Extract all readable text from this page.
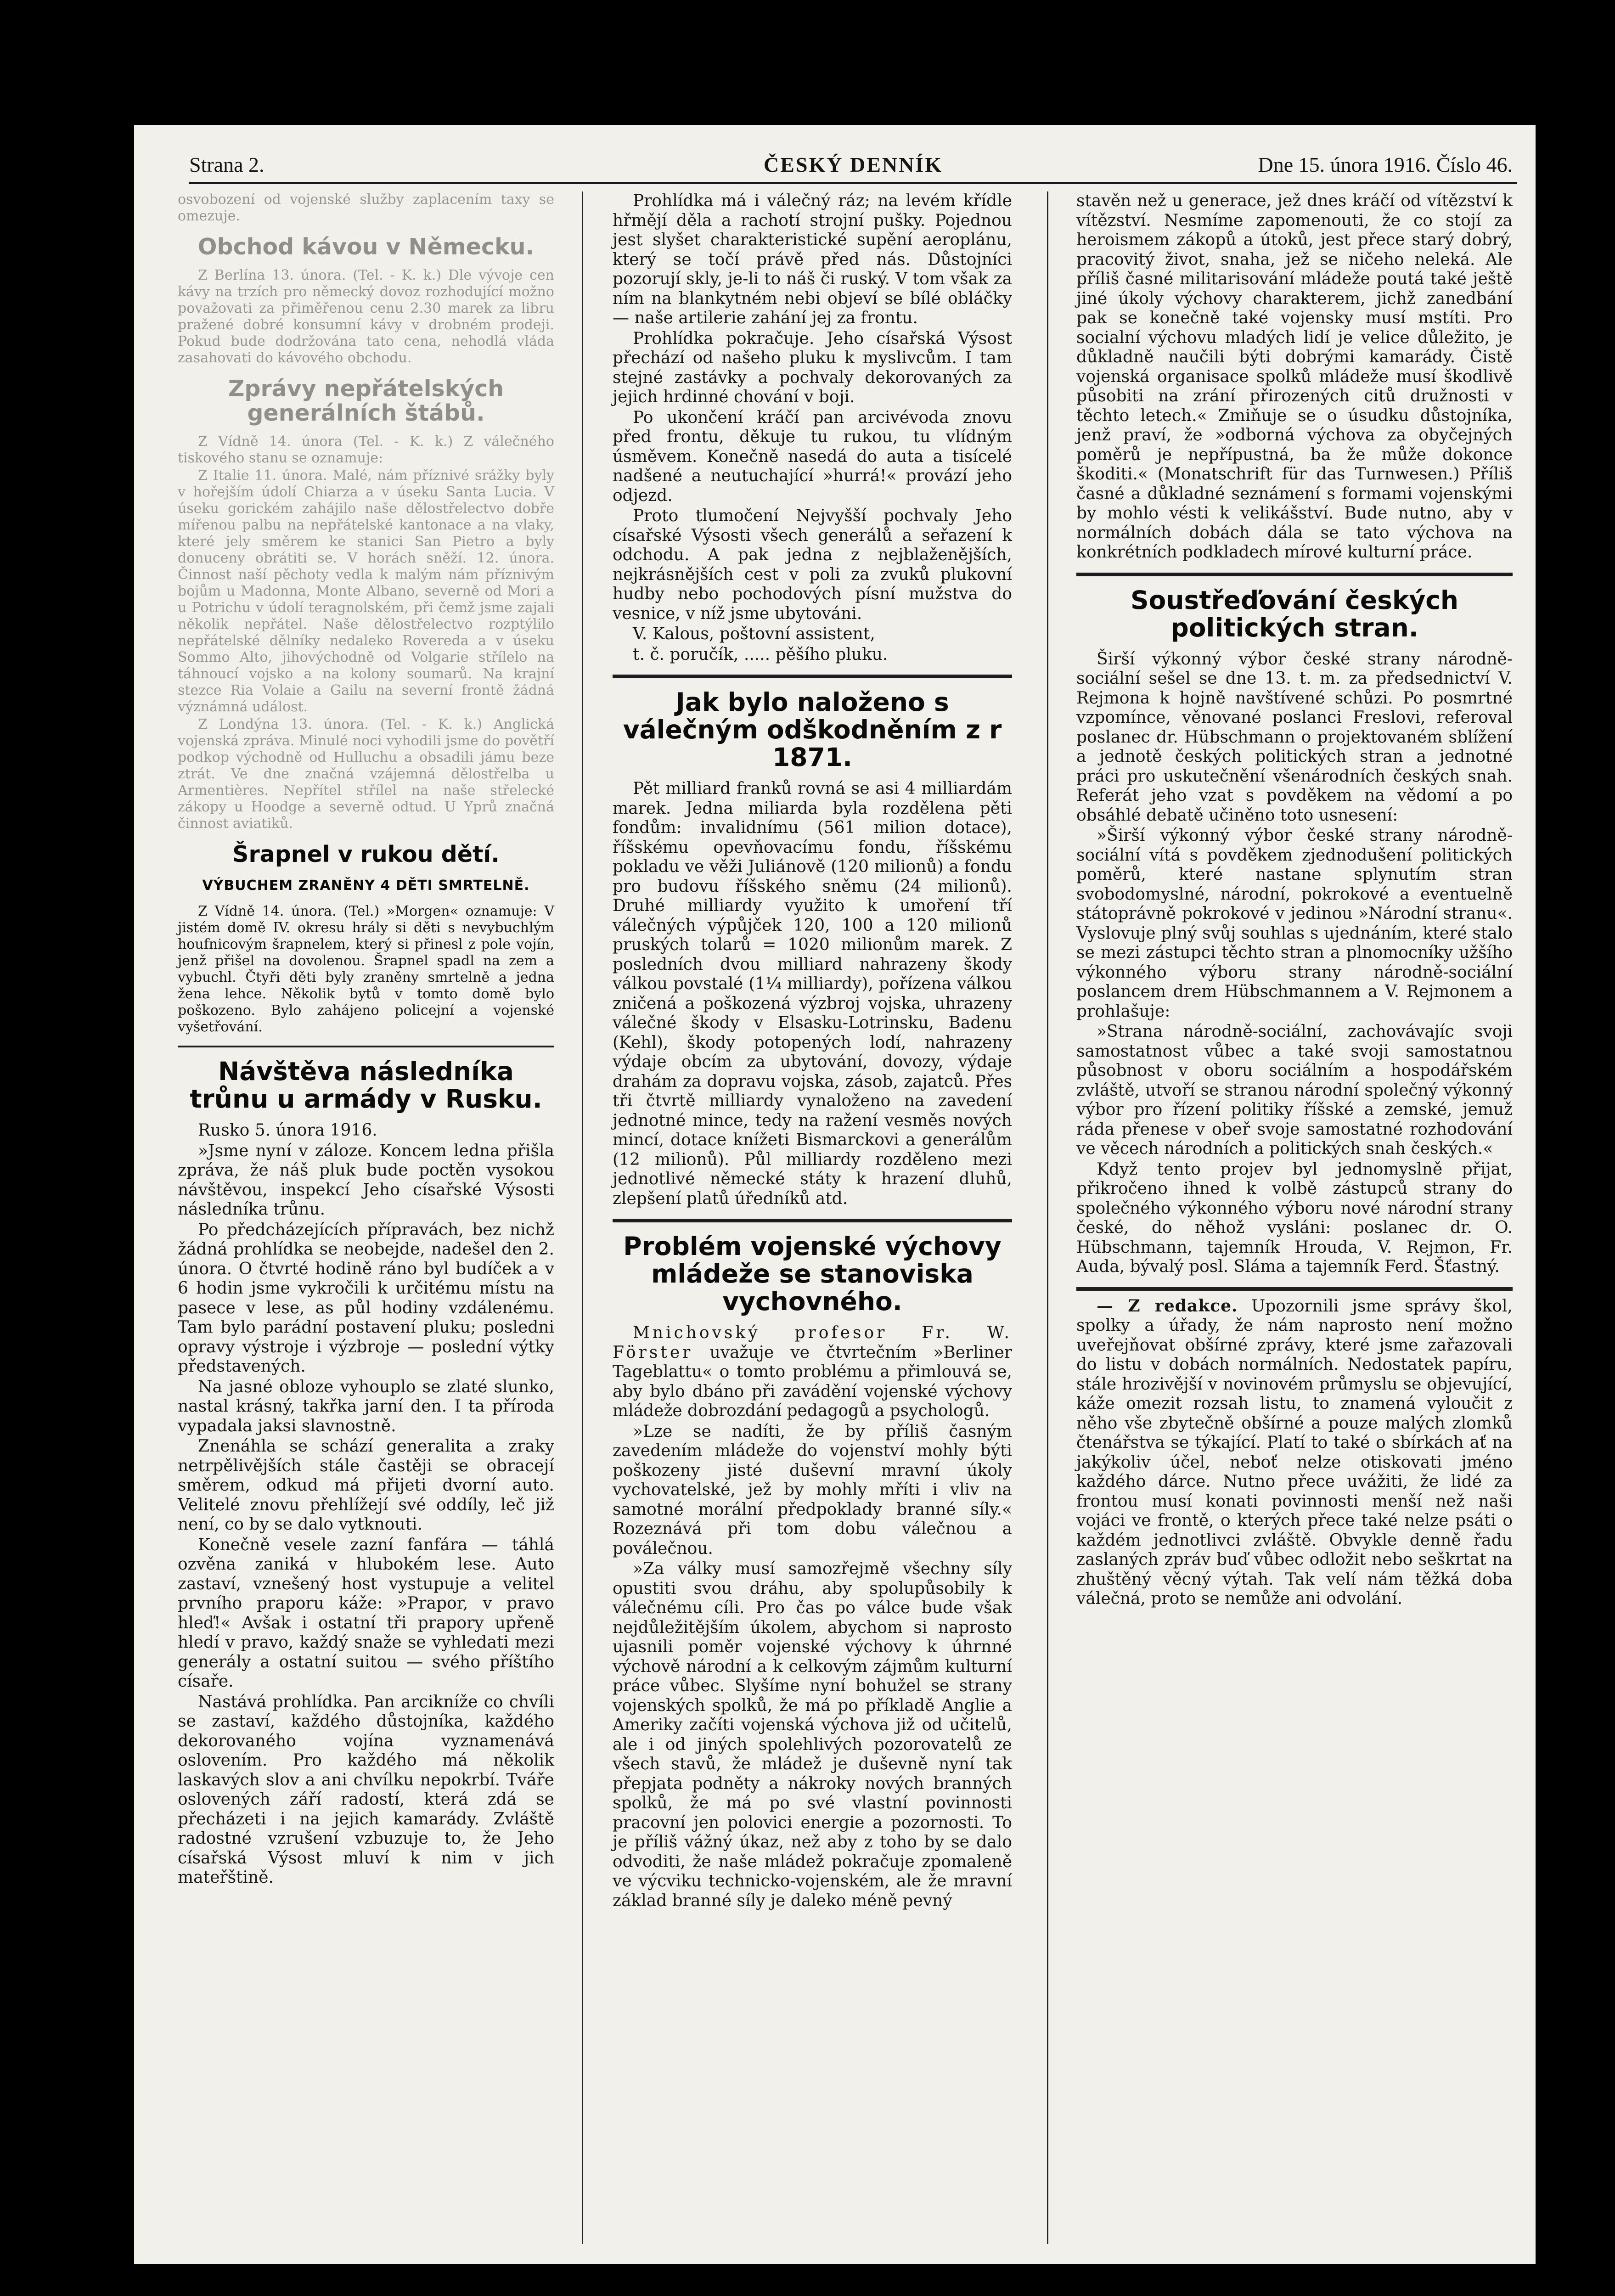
ČESKÝ DENNÍK
Strana 2.	Dne 15. února 1916. Číslo 46.

osvobození od vojenské služby zaplacením taxy se omezuje.

Obchod kávou v Německu.

Z Berlína 13. února. (Tel. - K. k.) Dle vývoje cen kávy na trzích pro německý dovoz rozhodující možno považovati za přiměřenou cenu 2.30 marek za libru pražené dobré konsumní kávy v drobném prodeji. Pokud bude dodržována tato cena, nehodlá vláda zasahovati do kávového obchodu.

Zprávy nepřátelských generálních štábů.

Z Vídně 14. února (Tel. - K. k.) Z válečného tiskového stanu se oznamuje:

Z Italie 11. února. Malé, nám příznivé srážky byly v hořejším údolí Chiarza a v úseku Santa Lucia. V úseku gorickém zahájilo naše dělostřelectvo dobře mířenou palbu na nepřátelské kantonace a na vlaky, které jely směrem ke stanici San Pietro a byly donuceny obrátiti se. V horách sněží. 12. února. Činnost naší pěchoty vedla k malým nám příznivým bojům u Madonna, Monte Albano, severně od Mori a u Potrichu v údolí teragnolském, při čemž jsme zajali několik nepřátel. Naše dělostřelectvo rozptýlilo nepřátelské dělníky nedaleko Rovereda a v úseku Sommo Alto, jihovýchodně od Volgarie střílelo na táhnoucí vojsko a na kolony soumarů. Na krajní stezce Ria Volaie a Gailu na severní frontě žádná význámná událost.

Z Londýna 13. února. (Tel. - K. k.) Anglická vojenská zpráva. Minulé noci vyhodili jsme do povětří podkop východně od Hulluchu a obsadili jámu beze ztrát. Ve dne značná vzájemná dělostřelba u Armentières. Nepřítel střílel na naše střelecké zákopy u Hoodge a severně odtud. U Yprů značná činnost aviatiků.

Šrapnel v rukou dětí.
VÝBUCHEM ZRANĚNY 4 DĚTI SMRTELNĚ.

Z Vídně 14. února. (Tel.) »Morgen« oznamuje: V jistém domě IV. okresu hrály si děti s nevybuchlým houfnicovým šrapnelem, který si přinesl z pole vojín, jenž přišel na dovolenou. Šrapnel spadl na zem a vybuchl. Čtyři děti byly zraněny smrtelně a jedna žena lehce. Několik bytů v tomto domě bylo poškozeno. Bylo zahájeno policejní a vojenské vyšetřování.

Návštěva následníka trůnu u armády v Rusku.

Rusko 5. února 1916.

»Jsme nyní v záloze. Koncem ledna přišla zpráva, že náš pluk bude poctěn vysokou návštěvou, inspekcí Jeho císařské Výsosti následníka trůnu.

Po předcházejících přípravách, bez nichž žádná prohlídka se neobejde, nadešel den 2. února. O čtvrté hodině ráno byl budíček a v 6 hodin jsme vykročili k určitému místu na pasece v lese, as půl hodiny vzdálenému. Tam bylo parádní postavení pluku; posledni opravy výstroje i výzbroje — poslední výtky představených.

Na jasné obloze vyhouplo se zlaté slunko, nastal krásný, takřka jarní den. I ta příroda vypadala jaksi slavnostně.

Znenáhla se schází generalita a zraky netrpělivějších stále častěji se obracejí směrem, odkud má přijeti dvorní auto. Velitelé znovu přehlížejí své oddíly, leč již není, co by se dalo vytknouti.

Konečně vesele zazní fanfára — táhlá ozvěna zaniká v hlubokém lese. Auto zastaví, vznešený host vystupuje a velitel prvního praporu káže: »Prapor, v pravo hleď!« Avšak i ostatní tři prapory upřeně hledí v pravo, každý snaže se vyhledati mezi generály a ostatní suitou — svého příštího císaře.

Nastává prohlídka. Pan arcikníže co chvíli se zastaví, každého důstojníka, každého dekorovaného vojína vyznamenává oslovením. Pro každého má několik laskavých slov a ani chvílku nepokrbí. Tváře oslovených září radostí, která zdá se přecházeti i na jejich kamarády. Zvláště radostné vzrušení vzbuzuje to, že Jeho císařská Výsost mluví k nim v jich mateřštině.

Prohlídka má i válečný ráz; na levém křídle hřmějí děla a rachotí strojní pušky. Pojednou jest slyšet charakteristické supění aeroplánu, který se točí právě před nás. Důstojníci pozorují skly, je-li to náš či ruský. V tom však za ním na blankytném nebi objeví se bílé obláčky — naše artilerie zahání jej za frontu.

Prohlídka pokračuje. Jeho císařská Výsost přechází od našeho pluku k myslivcům. I tam stejné zastávky a pochvaly dekorovaných za jejich hrdinné chování v boji.

Po ukončení kráčí pan arcivévoda znovu před frontu, děkuje tu rukou, tu vlídným úsměvem. Konečně nasedá do auta a tisícelé nadšené a neutuchající »hurrá!« provází jeho odjezd.

Proto tlumočení Nejvyšší pochvaly Jeho císařské Výsosti všech generálů a seřazení k odchodu. A pak jedna z nejblaženějších, nejkrásnějších cest v poli za zvuků plukovní hudby nebo pochodových písní mužstva do vesnice, v níž jsme ubytováni.

V. Kalous, poštovní assistent,

t. č. poručík, ..... pěšího pluku.

Jak bylo naloženo s válečným odškodněním z r 1871.

Pět milliard franků rovná se asi 4 milliardám marek. Jedna miliarda byla rozdělena pěti fondům: invalidnímu (561 milion dotace), říšskému opevňovacímu fondu, říšskému pokladu ve věži Juliánově (120 milionů) a fondu pro budovu říšského sněmu (24 milionů). Druhé milliardy využito k umoření tří válečných výpůjček 120, 100 a 120 milionů pruských tolarů = 1020 milionům marek. Z posledních dvou milliard nahrazeny škody válkou povstalé (1¼ milliardy), pořízena válkou zničená a poškozená výzbroj vojska, uhrazeny válečné škody v Elsasku-Lotrinsku, Badenu (Kehl), škody potopených lodí, nahrazeny výdaje obcím za ubytování, dovozy, výdaje drahám za dopravu vojska, zásob, zajatců. Přes tři čtvrtě milliardy vynaloženo na zavedení jednotné mince, tedy na ražení vesměs nových mincí, dotace knížeti Bismarckovi a generálům (12 milionů). Půl milliardy rozděleno mezi jednotlivé německé státy k hrazení dluhů, zlepšení platů úředníků atd.

Problém vojenské výchovy mládeže se stanoviska vychovného.

Mnichovský profesor Fr. W. Förster uvažuje ve čtvrtečním »Berliner Tageblattu« o tomto problému a přimlouvá se, aby bylo dbáno při zavádění vojenské výchovy mládeže dobrozdání pedagogů a psychologů.

»Lze se nadíti, že by příliš časným zavedením mládeže do vojenství mohly býti poškozeny jisté duševní mravní úkoly vychovatelské, jež by mohly mříti i vliv na samotné morální předpoklady branné síly.« Rozeznává při tom dobu válečnou a poválečnou.

»Za války musí samozřejmě všechny síly opustiti svou dráhu, aby spolupůsobily k válečnému cíli. Pro čas po válce bude však nejdůležitějším úkolem, abychom si naprosto ujasnili poměr vojenské výchovy k úhrnné výchově národní a k celkovým zájmům kulturní práce vůbec. Slyšíme nyní bohužel se strany vojenských spolků, že má po příkladě Anglie a Ameriky začíti vojenská výchova již od učitelů, ale i od jiných spolehlivých pozorovatelů ze všech stavů, že mládež je duševně nyní tak přepjata podněty a nákroky nových branných spolků, že má po své vlastní povinnosti pracovní jen polovici energie a pozornosti. To je příliš vážný úkaz, než aby z toho by se dalo odvoditi, že naše mládež pokračuje zpomaleně ve výcviku technicko-vojenském, ale že mravní základ branné síly je daleko méně pevný

stavěn než u generace, jež dnes kráčí od vítězství k vítězství. Nesmíme zapomenouti, že co stojí za heroismem zákopů a útoků, jest přece starý dobrý, pracovitý život, snaha, jež se ničeho neleká. Ale příliš časné militarisování mládeže poutá také ještě jiné úkoly výchovy charakterem, jichž zanedbání pak se konečně také vojensky musí mstíti. Pro socialní výchovu mladých lidí je velice důležito, je důkladně naučili býti dobrými kamarády. Čistě vojenská organisace spolků mládeže musí škodlivě působiti na zrání přirozených citů družnosti v těchto letech.« Zmiňuje se o úsudku důstojníka, jenž praví, že »odborná výchova za obyčejných poměrů je nepřípustná, ba že může dokonce škoditi.« (Monatschrift für das Turnwesen.) Příliš časné a důkladné seznámení s formami vojenskými by mohlo vésti k velikášství. Bude nutno, aby v normálních dobách dála se tato výchova na konkrétních podkladech mírové kulturní práce.

Soustřeďování českých politických stran.

Širší výkonný výbor české strany národně-sociální sešel se dne 13. t. m. za předsednictví V. Rejmona k hojně navštívené schůzi. Po posmrtné vzpomínce, věnované poslanci Freslovi, referoval poslanec dr. Hübschmann o projektovaném sblížení a jednotě českých politických stran a jednotné práci pro uskutečnění všenárodních českých snah. Referát jeho vzat s povděkem na vědomí a po obsáhlé debatě učiněno toto usnesení:

»Širší výkonný výbor české strany národně-sociální vítá s povděkem zjednodušení politických poměrů, které nastane splynutím stran svobodomyslné, národní, pokrokové a eventuelně státoprávně pokrokové v jedinou »Národní stranu«. Vyslovuje plný svůj souhlas s ujednáním, které stalo se mezi zástupci těchto stran a plnomocníky užšího výkonného výboru strany národně-sociální poslancem drem Hübschmannem a V. Rejmonem a prohlašuje:

»Strana národně-sociální, zachovávajíc svoji samostatnost vůbec a také svoji samostatnou působnost v oboru sociálním a hospodářském zvláště, utvoří se stranou národní společný výkonný výbor pro řízení politiky říšské a zemské, jemuž ráda přenese v obeř svoje samostatné rozhodování ve věcech národních a politických snah českých.«

Když tento projev byl jednomyslně přijat, přikročeno ihned k volbě zástupců strany do společného výkonného výboru nové národní strany české, do něhož vysláni: poslanec dr. O. Hübschmann, tajemník Hrouda, V. Rejmon, Fr. Auda, bývalý posl. Sláma a tajemník Ferd. Šťastný.

— Z redakce. Upozornili jsme správy škol, spolky a úřady, že nám naprosto není možno uveřejňovat obšírné zprávy, které jsme zařazovali do listu v dobách normálních. Nedostatek papíru, stále hrozivější v novinovém průmyslu se objevující, káže omezit rozsah listu, to znamená vyloučit z něho vše zbytečně obšírné a pouze malých zlomků čtenářstva se týkající. Platí to také o sbírkách ať na jakýkoliv účel, neboť nelze otiskovati jméno každého dárce. Nutno přece uvážiti, že lidé za frontou musí konati povinnosti menší než naši vojáci ve frontě, o kterých přece také nelze psáti o každém jednotlivci zvláště. Obvykle denně řadu zaslaných zpráv buď vůbec odložit nebo seškrtat na zhuštěný věcný výtah. Tak velí nám těžká doba válečná, proto se nemůže ani odvolání.
